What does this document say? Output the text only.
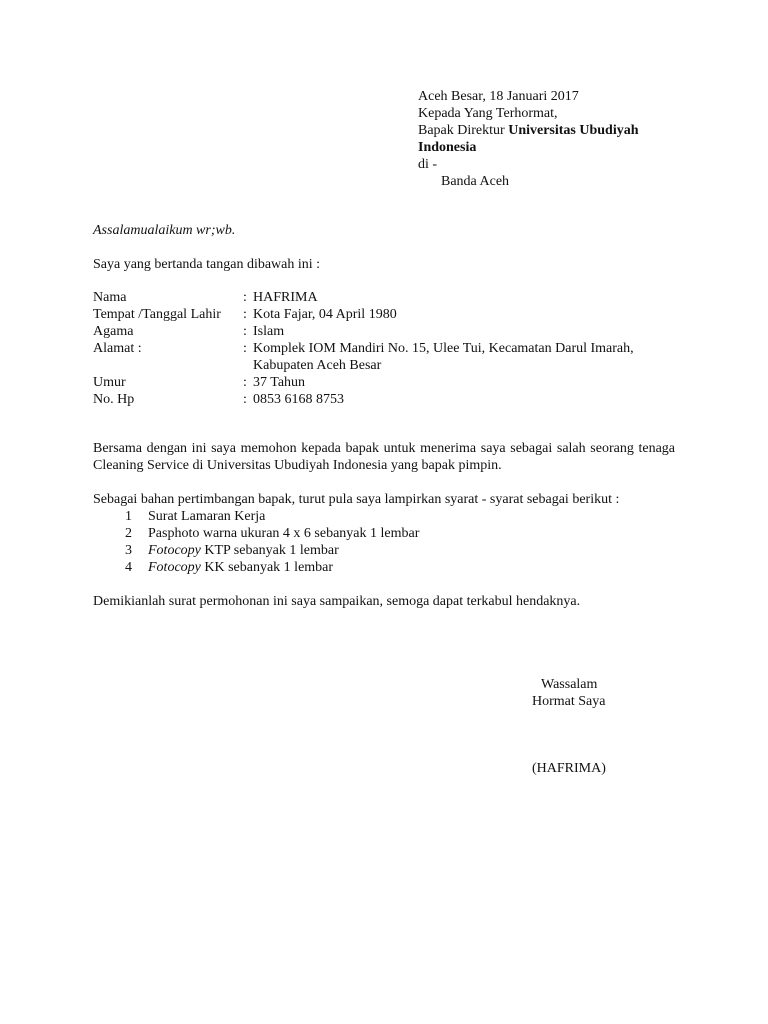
Aceh Besar, 18 Januari 2017
Kepada Yang Terhormat,
Bapak Direktur Universitas Ubudiyah
Indonesia
di -
Banda Aceh
Assalamualaikum wr;wb.
Saya yang bertanda tangan dibawah ini :
Nama	: HAFRIMA
Tempat /Tanggal Lahir : Kota Fajar, 04 April 1980
Agama	: Islam
Alamat :	: Komplek IOM Mandiri No. 15, Ulee Tui, Kecamatan Darul Imarah,
Kabupaten Aceh Besar
Umur	: 37 Tahun
No. Hp	: 0853 6168 8753
Bersama dengan ini saya memohon kepada bapak untuk menerima saya sebagai salah seorang tenaga Cleaning Service di Universitas Ubudiyah Indonesia yang bapak pimpin.
Sebagai bahan pertimbangan bapak, turut pula saya lampirkan syarat - syarat sebagai berikut :
1 Surat Lamaran Kerja
2 Pasphoto warna ukuran 4 x 6 sebanyak 1 lembar
3 Fotocopy KTP sebanyak 1 lembar
4 Fotocopy KK sebanyak 1 lembar
Demikianlah surat permohonan ini saya sampaikan, semoga dapat terkabul hendaknya.
Wassalam
Hormat Saya
(HAFRIMA)
